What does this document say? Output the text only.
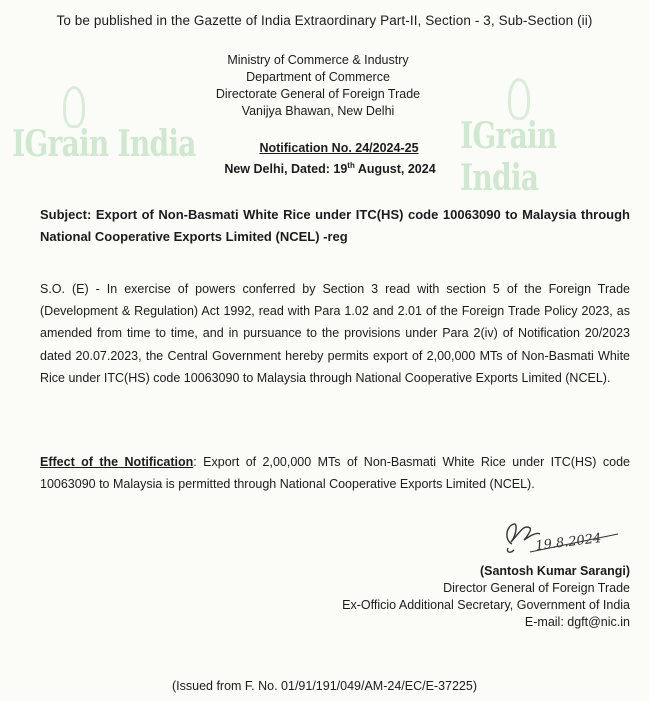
IGrain India	IGrain India
To be published in the Gazette of India Extraordinary Part-II, Section - 3, Sub-Section (ii)
Ministry of Commerce & Industry
Department of Commerce
Directorate General of Foreign Trade
Vanijya Bhawan, New Delhi
Notification No. 24/2024-25
New Delhi, Dated: 19th August, 2024
Subject: Export of Non-Basmati White Rice under ITC(HS) code 10063090 to Malaysia through National Cooperative Exports Limited (NCEL) -reg
S.O. (E) - In exercise of powers conferred by Section 3 read with section 5 of the Foreign Trade (Development & Regulation) Act 1992, read with Para 1.02 and 2.01 of the Foreign Trade Policy 2023, as amended from time to time, and in pursuance to the provisions under Para 2(iv) of Notification 20/2023 dated 20.07.2023, the Central Government hereby permits export of 2,00,000 MTs of Non-Basmati White Rice under ITC(HS) code 10063090 to Malaysia through National Cooperative Exports Limited (NCEL).
Effect of the Notification: Export of 2,00,000 MTs of Non-Basmati White Rice under ITC(HS) code 10063090 to Malaysia is permitted through National Cooperative Exports Limited (NCEL).
19.8.2024
(Santosh Kumar Sarangi)
Director General of Foreign Trade
Ex-Officio Additional Secretary, Government of India
E-mail: dgft@nic.in
(Issued from F. No. 01/91/191/049/AM-24/EC/E-37225)
